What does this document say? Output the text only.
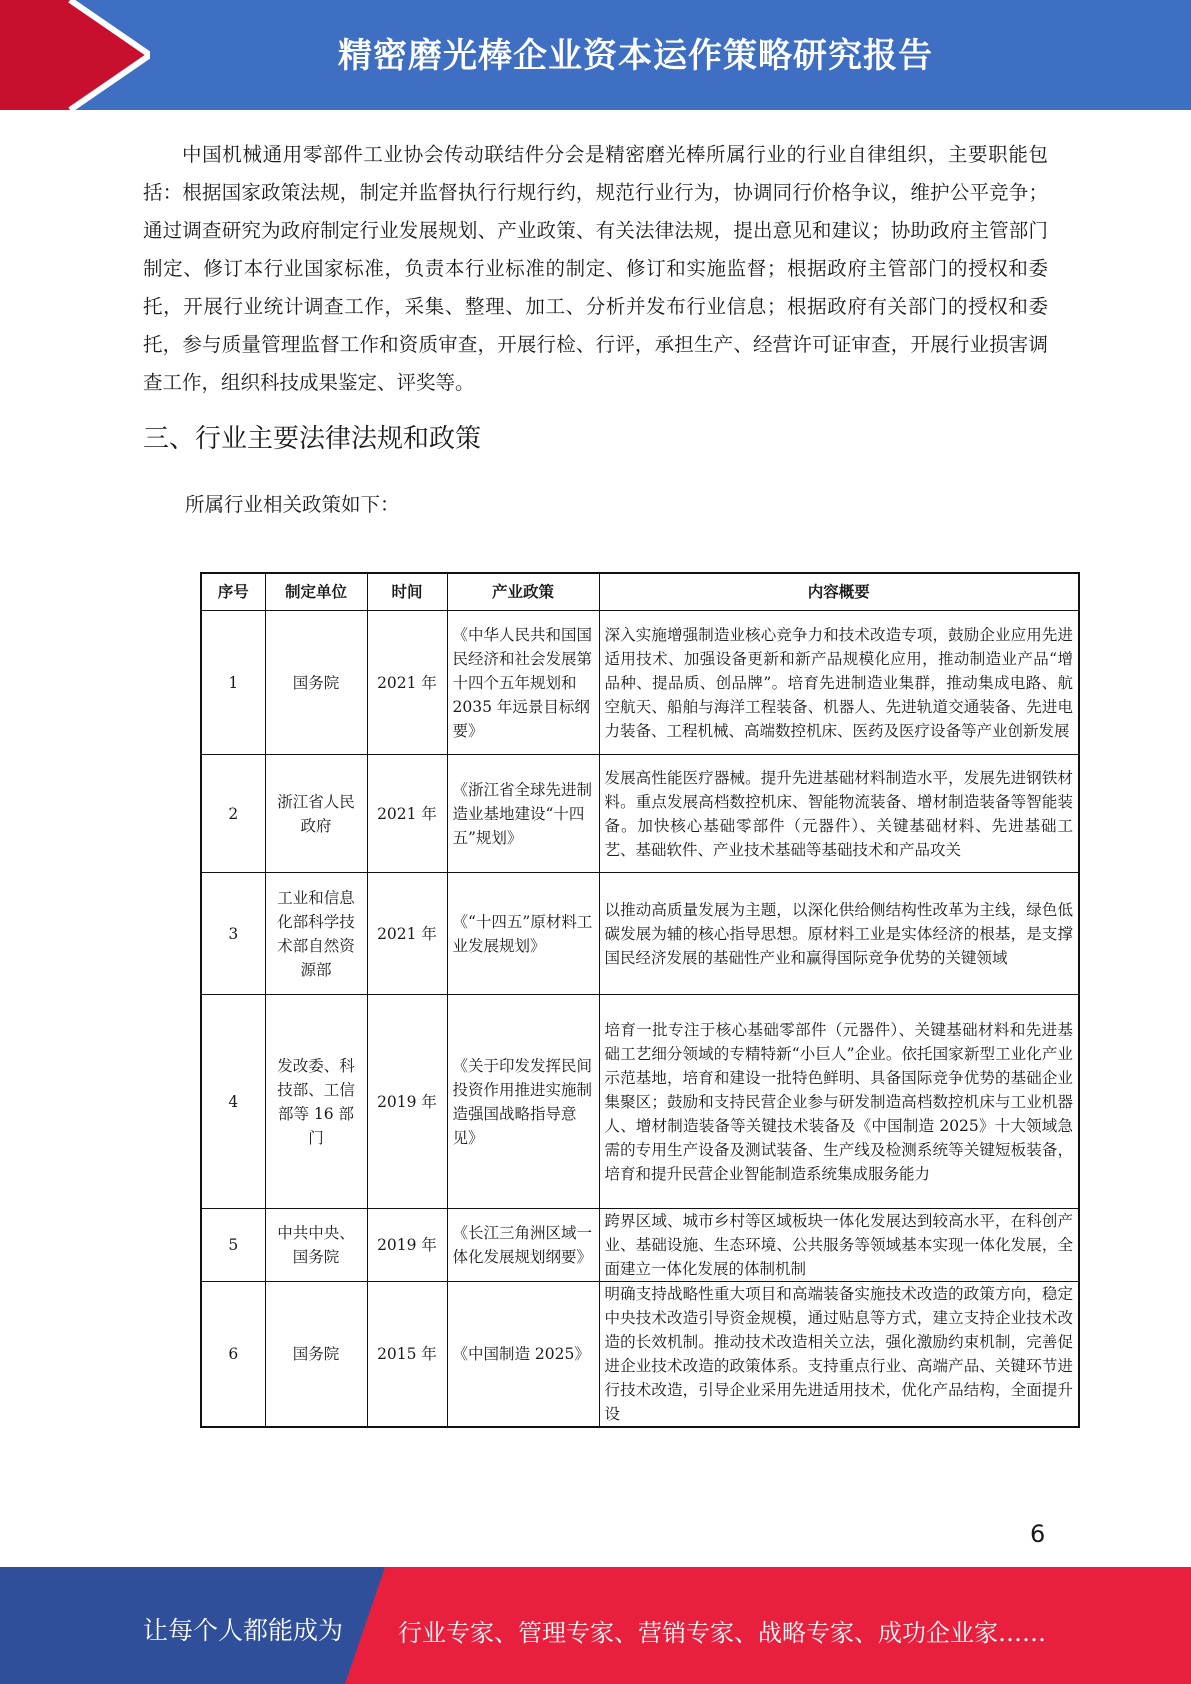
精密磨光棒企业资本运作策略研究报告

中国机械通用零部件工业协会传动联结件分会是精密磨光棒所属行业的行业自律组织，主要职能包括：根据国家政策法规，制定并监督执行行规行约，规范行业行为，协调同行价格争议，维护公平竞争；通过调查研究为政府制定行业发展规划、产业政策、有关法律法规，提出意见和建议；协助政府主管部门制定、修订本行业国家标准，负责本行业标准的制定、修订和实施监督；根据政府主管部门的授权和委托，开展行业统计调查工作，采集、整理、加工、分析并发布行业信息；根据政府有关部门的授权和委托，参与质量管理监督工作和资质审查，开展行检、行评，承担生产、经营许可证审查，开展行业损害调查工作，组织科技成果鉴定、评奖等。

三、行业主要法律法规和政策

所属行业相关政策如下：

序号	制定单位	时间	产业政策	内容概要
1	国务院	2021 年	《中华人民共和国国民经济和社会发展第十四个五年规划和 2035 年远景目标纲要》	深入实施增强制造业核心竞争力和技术改造专项，鼓励企业应用先进适用技术、加强设备更新和新产品规模化应用，推动制造业产品“增品种、提品质、创品牌”。培育先进制造业集群，推动集成电路、航空航天、船舶与海洋工程装备、机器人、先进轨道交通装备、先进电力装备、工程机械、高端数控机床、医药及医疗设备等产业创新发展
2	浙江省人民政府	2021 年	《浙江省全球先进制造业基地建设“十四五”规划》	发展高性能医疗器械。提升先进基础材料制造水平，发展先进钢铁材料。重点发展高档数控机床、智能物流装备、增材制造装备等智能装备。加快核心基础零部件（元器件）、关键基础材料、先进基础工艺、基础软件、产业技术基础等基础技术和产品攻关
3	工业和信息化部科学技术部自然资源部	2021 年	《“十四五”原材料工业发展规划》	以推动高质量发展为主题，以深化供给侧结构性改革为主线，绿色低碳发展为辅的核心指导思想。原材料工业是实体经济的根基，是支撑国民经济发展的基础性产业和赢得国际竞争优势的关键领域
4	发改委、科技部、工信部等 16 部门	2019 年	《关于印发发挥民间投资作用推进实施制造强国战略指导意见》	培育一批专注于核心基础零部件（元器件）、关键基础材料和先进基础工艺细分领域的专精特新“小巨人”企业。依托国家新型工业化产业示范基地，培育和建设一批特色鲜明、具备国际竞争优势的基础企业集聚区；鼓励和支持民营企业参与研发制造高档数控机床与工业机器人、增材制造装备等关键技术装备及《中国制造 2025》十大领域急需的专用生产设备及测试装备、生产线及检测系统等关键短板装备，培育和提升民营企业智能制造系统集成服务能力
5	中共中央、国务院	2019 年	《长江三角洲区域一体化发展规划纲要》	跨界区域、城市乡村等区域板块一体化发展达到较高水平，在科创产业、基础设施、生态环境、公共服务等领域基本实现一体化发展，全面建立一体化发展的体制机制
6	国务院	2015 年	《中国制造 2025》	明确支持战略性重大项目和高端装备实施技术改造的政策方向，稳定中央技术改造引导资金规模，通过贴息等方式，建立支持企业技术改造的长效机制。推动技术改造相关立法，强化激励约束机制，完善促进企业技术改造的政策体系。支持重点行业、高端产品、关键环节进行技术改造，引导企业采用先进适用技术，优化产品结构，全面提升设
6
让每个人都能成为 行业专家、管理专家、营销专家、战略专家、成功企业家……
